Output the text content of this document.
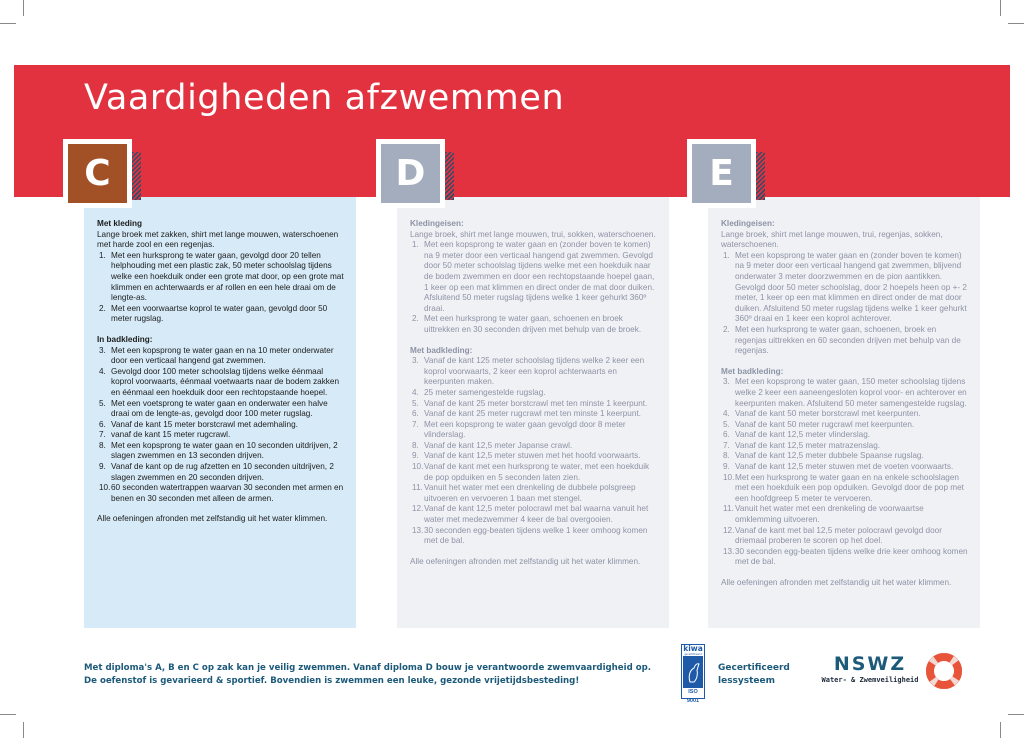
Vaardigheden afzwemmen
Met kleding
Lange broek met zakken, shirt met lange mouwen, waterschoenen met harde zool en een regenjas.
1. Met een hurksprong te water gaan, gevolgd door 20 tellen helphouding met een plastic zak, 50 meter schoolslag tijdens welke een hoekduik onder een grote mat door, op een grote mat klimmen en achterwaards er af rollen en een hele draai om de lengte-as.
2. Met een voorwaartse koprol te water gaan, gevolgd door 50 meter rugslag.
In badkleding:
3. Met een kopsprong te water gaan en na 10 meter onderwater door een verticaal hangend gat zwemmen.
4. Gevolgd door 100 meter schoolslag tijdens welke éénmaal koprol voorwaarts, éénmaal voetwaarts naar de bodem zakken en éénmaal een hoekduik door een rechtopstaande hoepel.
5. Met een voetsprong te water gaan en onderwater een halve draai om de lengte-as, gevolgd door 100 meter rugslag.
6. Vanaf de kant 15 meter borstcrawl met ademhaling.
7. vanaf de kant 15 meter rugcrawl.
8. Met een kopsprong te water gaan en 10 seconden uitdrijven, 2 slagen zwemmen en 13 seconden drijven.
9. Vanaf de kant op de rug afzetten en 10 seconden uitdrijven, 2 slagen zwemmen en 20 seconden drijven.
10. 60 seconden watertrappen waarvan 30 seconden met armen en benen en 30 seconden met alleen de armen.
Alle oefeningen afronden met zelfstandig uit het water klimmen.
Kledingeisen:
Lange broek, shirt met lange mouwen, trui, sokken, waterschoenen.
1. Met een kopsprong te water gaan en (zonder boven te komen) na 9 meter door een verticaal hangend gat zwemmen. Gevolgd door 50 meter schoolslag tijdens welke met een hoekduik naar de bodem zwemmen en door een rechtopstaande hoepel gaan, 1 keer op een mat klimmen en direct onder de mat door duiken. Afsluitend 50 meter rugslag tijdens welke 1 keer gehurkt 360º draai.
2. Met een hurksprong te water gaan, schoenen en broek uittrekken en 30 seconden drijven met behulp van de broek.
Met badkleding:
3. Vanaf de kant 125 meter schoolslag tijdens welke 2 keer een koprol voorwaarts, 2 keer een koprol achterwaarts en keerpunten maken.
4. 25 meter samengestelde rugslag.
5. Vanaf de kant 25 meter borstcrawl met ten minste 1 keerpunt.
6. Vanaf de kant 25 meter rugcrawl met ten minste 1 keerpunt.
7. Met een kopsprong te water gaan gevolgd door 8 meter vlinderslag.
8. Vanaf de kant 12,5 meter Japanse crawl.
9. Vanaf de kant 12,5 meter stuwen met het hoofd voorwaarts.
10. Vanaf de kant met een hurksprong te water, met een hoekduik de pop opduiken en 5 seconden laten zien.
11. Vanuit het water met een drenkeling de dubbele polsgreep uitvoeren en vervoeren 1 baan met stengel.
12. Vanaf de kant 12,5 meter polocrawl met bal waarna vanuit het water met medezwemmer 4 keer de bal overgooien.
13. 30 seconden egg-beaten tijdens welke 1 keer omhoog komen met de bal.
Alle oefeningen afronden met zelfstandig uit het water klimmen.
Kledingeisen:
Lange broek, shirt met lange mouwen, trui, regenjas, sokken, waterschoenen.
1. Met een kopsprong te water gaan en (zonder boven te komen) na 9 meter door een verticaal hangend gat zwemmen, blijvend onderwater 3 meter doorzwemmen en de pion aantikken. Gevolgd door 50 meter schoolslag, door 2 hoepels heen op +- 2 meter, 1 keer op een mat klimmen en direct onder de mat door duiken. Afsluitend 50 meter rugslag tijdens welke 1 keer gehurkt 360º draai en 1 keer een koprol achterover.
2. Met een hurksprong te water gaan, schoenen, broek en regenjas uittrekken en 60 seconden drijven met behulp van de regenjas.
Met badkleding:
3. Met een kopsprong te water gaan, 150 meter schoolslag tijdens welke 2 keer een aaneengesloten koprol voor- en achterover en keerpunten maken. Afsluitend 50 meter samengestelde rugslag.
4. Vanaf de kant 50 meter borstcrawl met keerpunten.
5. Vanaf de kant 50 meter rugcrawl met keerpunten.
6. Vanaf de kant 12,5 meter vlinderslag.
7. Vanaf de kant 12,5 meter matrazenslag.
8. Vanaf de kant 12,5 meter dubbele Spaanse rugslag.
9. Vanaf de kant 12,5 meter stuwen met de voeten voorwaarts.
10. Met een hurksprong te water gaan en na enkele schoolslagen met een hoekduik een pop opduiken. Gevolgd door de pop met een hoofdgreep 5 meter te vervoeren.
11. Vanuit het water met een drenkeling de voorwaartse omklemming uitvoeren.
12. Vanaf de kant met bal 12,5 meter polocrawl gevolgd door driemaal proberen te scoren op het doel.
13. 30 seconden egg-beaten tijdens welke drie keer omhoog komen met de bal.
Alle oefeningen afronden met zelfstandig uit het water klimmen.
C	D	E
Met diploma's A, B en C op zak kan je veilig zwemmen. Vanaf diploma D bouw je verantwoorde zwemvaardigheid op.
De oefenstof is gevarieerd & sportief. Bovendien is zwemmen een leuke, gezonde vrijetijdsbesteding!
kiwa
gecertificeerd
ISO 9001
Gecertificeerd
lessysteem
NSWZ
Water- & Zwemveiligheid
